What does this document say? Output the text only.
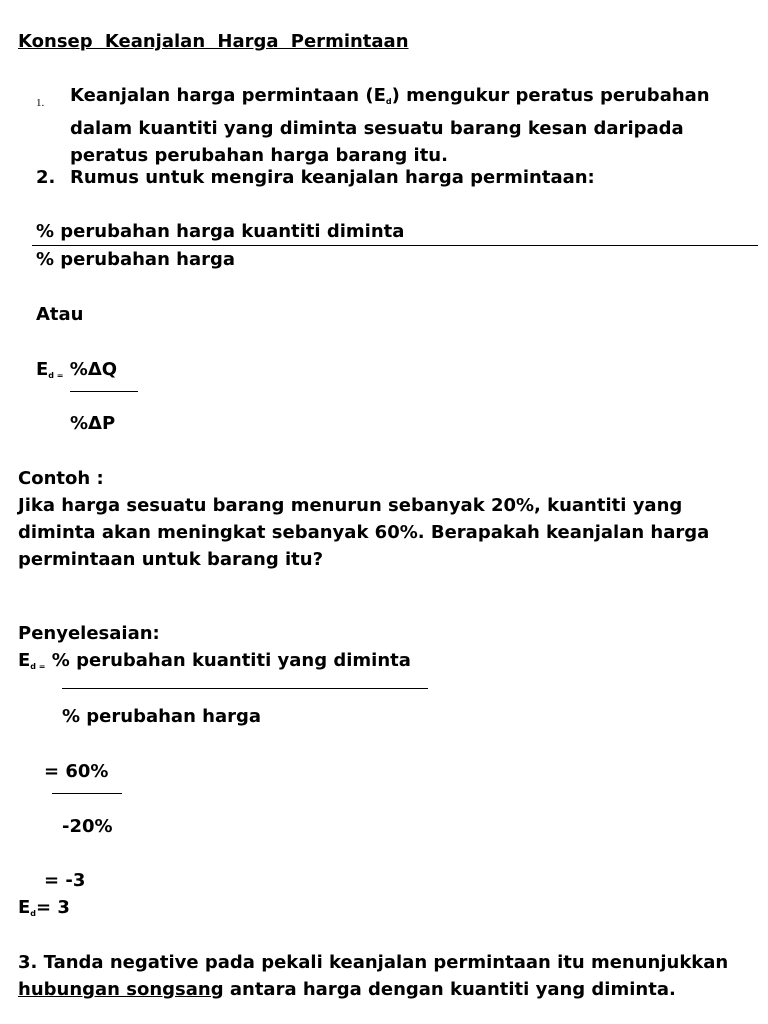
Konsep Keanjalan Harga Permintaan
1. Keanjalan harga permintaan $(E_d)$ mengukur peratus perubahan
dalam kuantiti yang diminta sesuatu barang kesan daripada
peratus perubahan harga barang itu.
2. Rumus untuk mengira keanjalan harga permintaan:
% perubahan harga kuantiti diminta
% perubahan harga
Atau
$E_{d =}$ %ΔQ
%ΔP
Contoh :
Jika harga sesuatu barang menurun sebanyak 20%, kuantiti yang
diminta akan meningkat sebanyak 60%. Berapakah keanjalan harga
permintaan untuk barang itu?
Penyelesaian:
$E_{d =}$ % perubahan kuantiti yang diminta
% perubahan harga
= 60%
-20%
= -3
$E_d= 3$
3. Tanda negative pada pekali keanjalan permintaan itu menunjukkan
hubungan songsang antara harga dengan kuantiti yang diminta.
